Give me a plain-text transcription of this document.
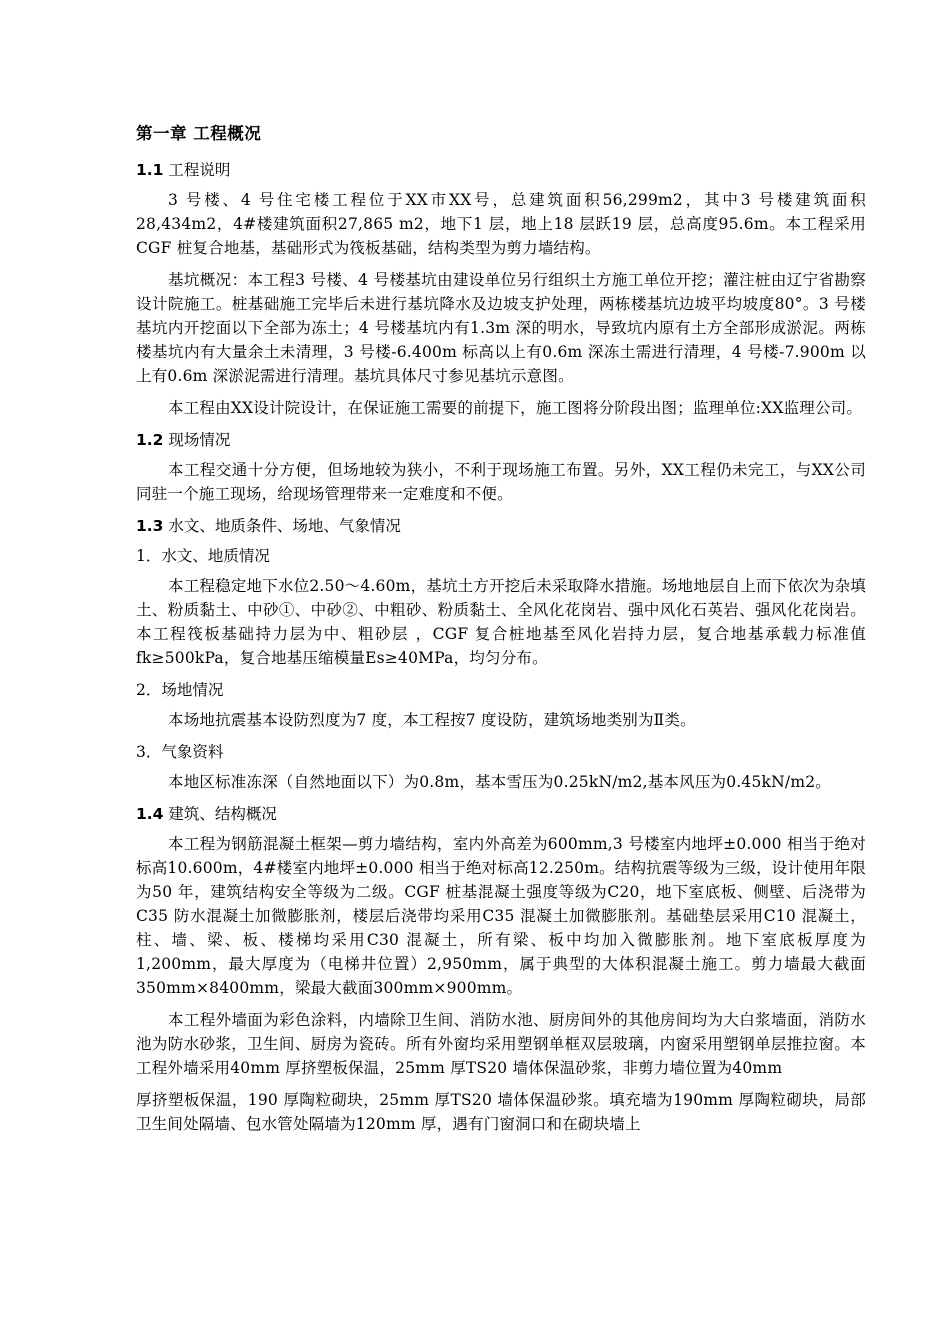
第一章 工程概况
1.1 工程说明

3 号楼、4 号住宅楼工程位于XX市XX号，总建筑面积56,299m2，其中3 号楼建筑面积28,434m2，4#楼建筑面积27,865 m2，地下1 层，地上18 层跃19 层，总高度95.6m。本工程采用CGF 桩复合地基，基础形式为筏板基础，结构类型为剪力墙结构。

基坑概况：本工程3 号楼、4 号楼基坑由建设单位另行组织土方施工单位开挖；灌注桩由辽宁省勘察设计院施工。桩基础施工完毕后未进行基坑降水及边坡支护处理，两栋楼基坑边坡平均坡度80°。3 号楼基坑内开挖面以下全部为冻土；4 号楼基坑内有1.3m 深的明水，导致坑内原有土方全部形成淤泥。两栋楼基坑内有大量余土未清理，3 号楼-6.400m 标高以上有0.6m 深冻土需进行清理，4 号楼-7.900m 以上有0.6m 深淤泥需进行清理。基坑具体尺寸参见基坑示意图。

本工程由XX设计院设计，在保证施工需要的前提下，施工图将分阶段出图；监理单位:XX监理公司。

1.2 现场情况

本工程交通十分方便，但场地较为狭小，不利于现场施工布置。另外，XX工程仍未完工，与XX公司同驻一个施工现场，给现场管理带来一定难度和不便。

1.3 水文、地质条件、场地、气象情况
1．水文、地质情况

本工程稳定地下水位2.50～4.60m，基坑土方开挖后未采取降水措施。场地地层自上而下依次为杂填土、粉质黏土、中砂①、中砂②、中粗砂、粉质黏土、全风化花岗岩、强中风化石英岩、强风化花岗岩。本工程筏板基础持力层为中、粗砂层 ，CGF 复合桩地基至风化岩持力层，复合地基承载力标准值fk≥500kPa，复合地基压缩模量Es≥40MPa，均匀分布。

2．场地情况

本场地抗震基本设防烈度为7 度，本工程按7 度设防，建筑场地类别为Ⅱ类。

3．气象资料

本地区标准冻深（自然地面以下）为0.8m，基本雪压为0.25kN/m2,基本风压为0.45kN/m2。

1.4 建筑、结构概况

本工程为钢筋混凝土框架—剪力墙结构，室内外高差为600mm,3 号楼室内地坪±0.000 相当于绝对标高10.600m，4#楼室内地坪±0.000 相当于绝对标高12.250m。结构抗震等级为三级，设计使用年限为50 年，建筑结构安全等级为二级。CGF 桩基混凝土强度等级为C20，地下室底板、侧壁、后浇带为C35 防水混凝土加微膨胀剂，楼层后浇带均采用C35 混凝土加微膨胀剂。基础垫层采用C10 混凝土，柱、墙、梁、板、楼梯均采用C30 混凝土，所有梁、板中均加入微膨胀剂。地下室底板厚度为1,200mm，最大厚度为（电梯井位置）2,950mm，属于典型的大体积混凝土施工。剪力墙最大截面350mm×8400mm，梁最大截面300mm×900mm。

本工程外墙面为彩色涂料，内墙除卫生间、消防水池、厨房间外的其他房间均为大白浆墙面，消防水池为防水砂浆，卫生间、厨房为瓷砖。所有外窗均采用塑钢单框双层玻璃，内窗采用塑钢单层推拉窗。本工程外墙采用40mm 厚挤塑板保温，25mm 厚TS20 墙体保温砂浆，非剪力墙位置为40mm

厚挤塑板保温，190 厚陶粒砌块，25mm 厚TS20 墙体保温砂浆。填充墙为190mm 厚陶粒砌块，局部卫生间处隔墙、包水管处隔墙为120mm 厚，遇有门窗洞口和在砌块墙上
